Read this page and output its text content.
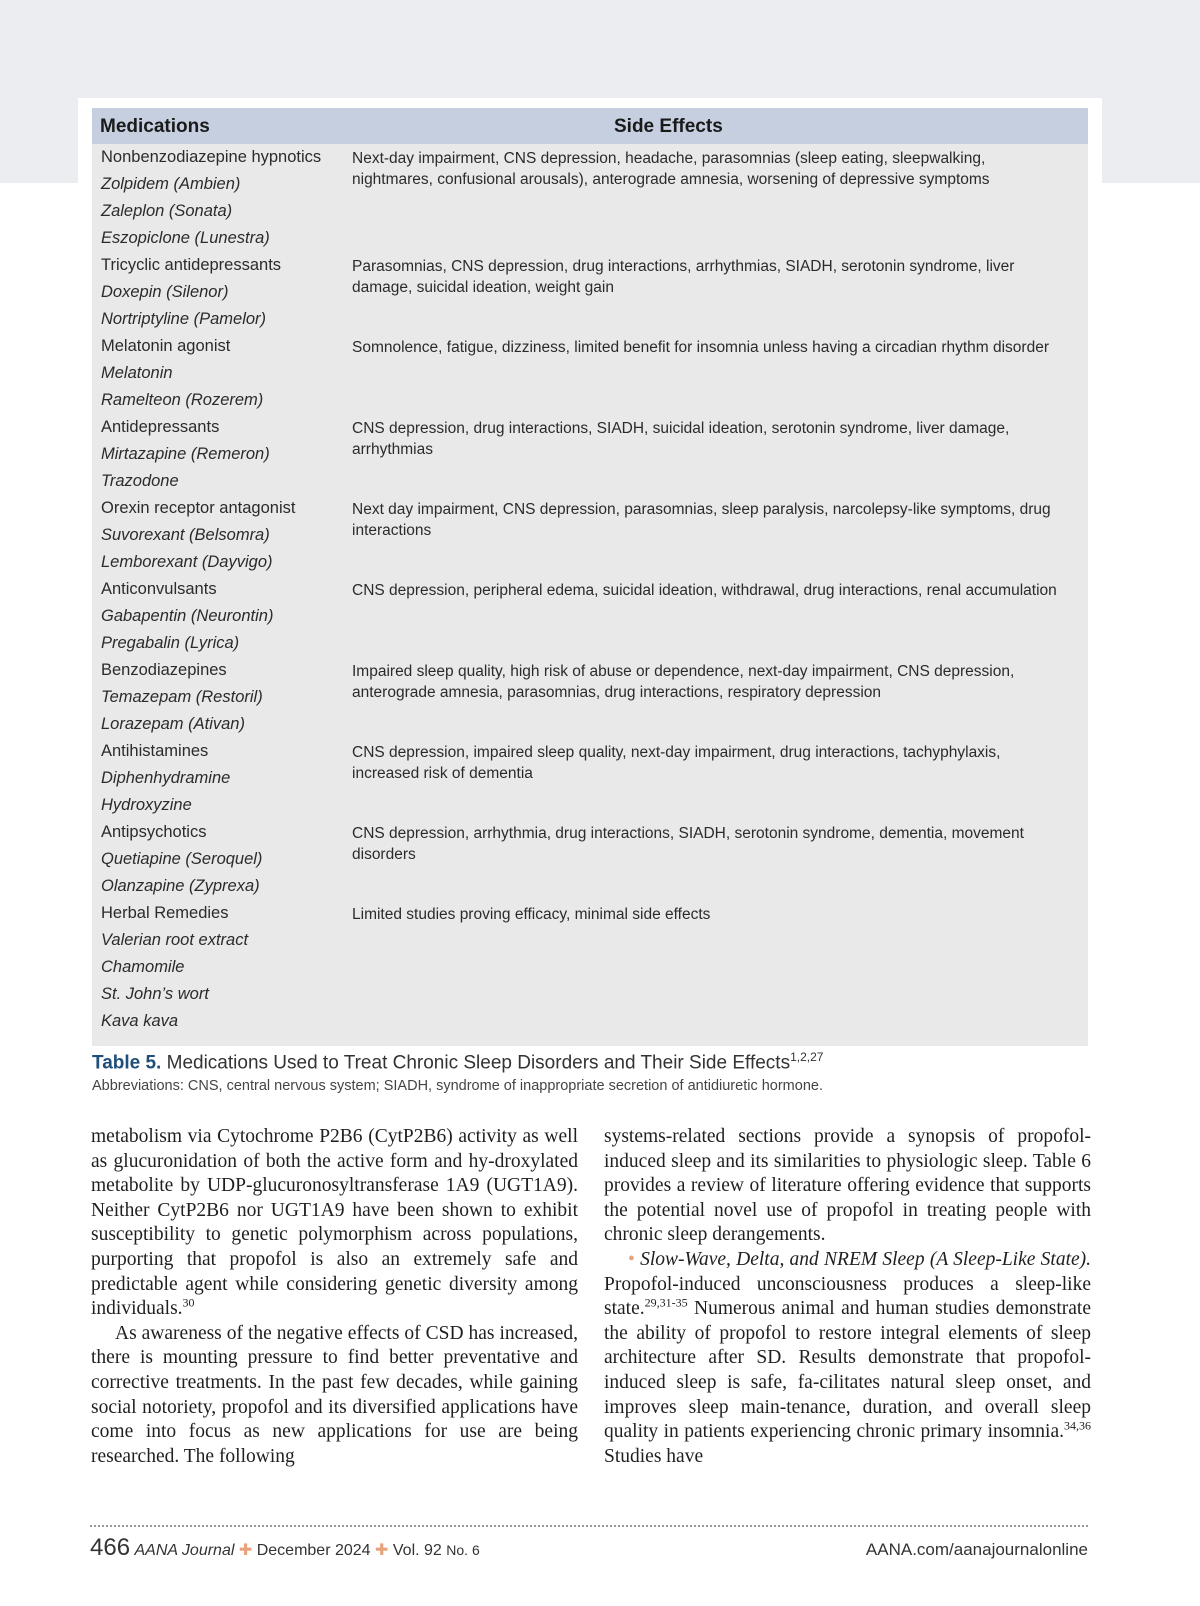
Medications	Side Effects
Nonbenzodiazepine hypnotics
Zolpidem (Ambien)
Zaleplon (Sonata)
Eszopiclone (Lunestra)
Next-day impairment, CNS depression, headache, parasomnias (sleep eating, sleepwalking, nightmares, confusional arousals), anterograde amnesia, worsening of depressive symptoms
Tricyclic antidepressants
Doxepin (Silenor)
Nortriptyline (Pamelor)
Parasomnias, CNS depression, drug interactions, arrhythmias, SIADH, serotonin syndrome, liver damage, suicidal ideation, weight gain
Melatonin agonist
Melatonin
Ramelteon (Rozerem)
Somnolence, fatigue, dizziness, limited benefit for insomnia unless having a circadian rhythm disorder
Antidepressants
Mirtazapine (Remeron)
Trazodone
CNS depression, drug interactions, SIADH, suicidal ideation, serotonin syndrome, liver damage, arrhythmias
Orexin receptor antagonist
Suvorexant (Belsomra)
Lemborexant (Dayvigo)
Next day impairment, CNS depression, parasomnias, sleep paralysis, narcolepsy-like symptoms, drug interactions
Anticonvulsants
Gabapentin (Neurontin)
Pregabalin (Lyrica)
CNS depression, peripheral edema, suicidal ideation, withdrawal, drug interactions, renal accumulation
Benzodiazepines
Temazepam (Restoril)
Lorazepam (Ativan)
Impaired sleep quality, high risk of abuse or dependence, next-day impairment, CNS depression, anterograde amnesia, parasomnias, drug interactions, respiratory depression
Antihistamines
Diphenhydramine
Hydroxyzine
CNS depression, impaired sleep quality, next-day impairment, drug interactions, tachyphylaxis, increased risk of dementia
Antipsychotics
Quetiapine (Seroquel)
Olanzapine (Zyprexa)
CNS depression, arrhythmia, drug interactions, SIADH, serotonin syndrome, dementia, movement disorders
Herbal Remedies
Valerian root extract
Chamomile
St. John’s wort
Kava kava
Limited studies proving efficacy, minimal side effects
Table 5. Medications Used to Treat Chronic Sleep Disorders and Their Side Effects$^{1,2,27}$
Abbreviations: CNS, central nervous system; SIADH, syndrome of inappropriate secretion of antidiuretic hormone.

metabolism via Cytochrome P2B6 (CytP2B6) activity as well as glucuronidation of both the active form and hy-droxylated metabolite by UDP-glucuronosyltransferase 1A9 (UGT1A9). Neither CytP2B6 nor UGT1A9 have been shown to exhibit susceptibility to genetic polymorphism across populations, purporting that propofol is also an extremely safe and predictable agent while considering genetic diversity among individuals.$^{30}$

As awareness of the negative effects of CSD has increased, there is mounting pressure to find better preventative and corrective treatments. In the past few decades, while gaining social notoriety, propofol and its diversified applications have come into focus as new applications for use are being researched. The following

systems-related sections provide a synopsis of propofol-induced sleep and its similarities to physiologic sleep. Table 6 provides a review of literature offering evidence that supports the potential novel use of propofol in treating people with chronic sleep derangements.

• Slow-Wave, Delta, and NREM Sleep (A Sleep-Like State). Propofol-induced unconsciousness produces a sleep-like state.$^{29,31-35}$ Numerous animal and human studies demonstrate the ability of propofol to restore integral elements of sleep architecture after SD. Results demonstrate that propofol-induced sleep is safe, fa-cilitates natural sleep onset, and improves sleep main-tenance, duration, and overall sleep quality in patients experiencing chronic primary insomnia.$^{34,36}$ Studies have

466 AANA Journal ✚ December 2024 ✚ Vol. 92 No. 6	AANA.com/aanajournalonline
